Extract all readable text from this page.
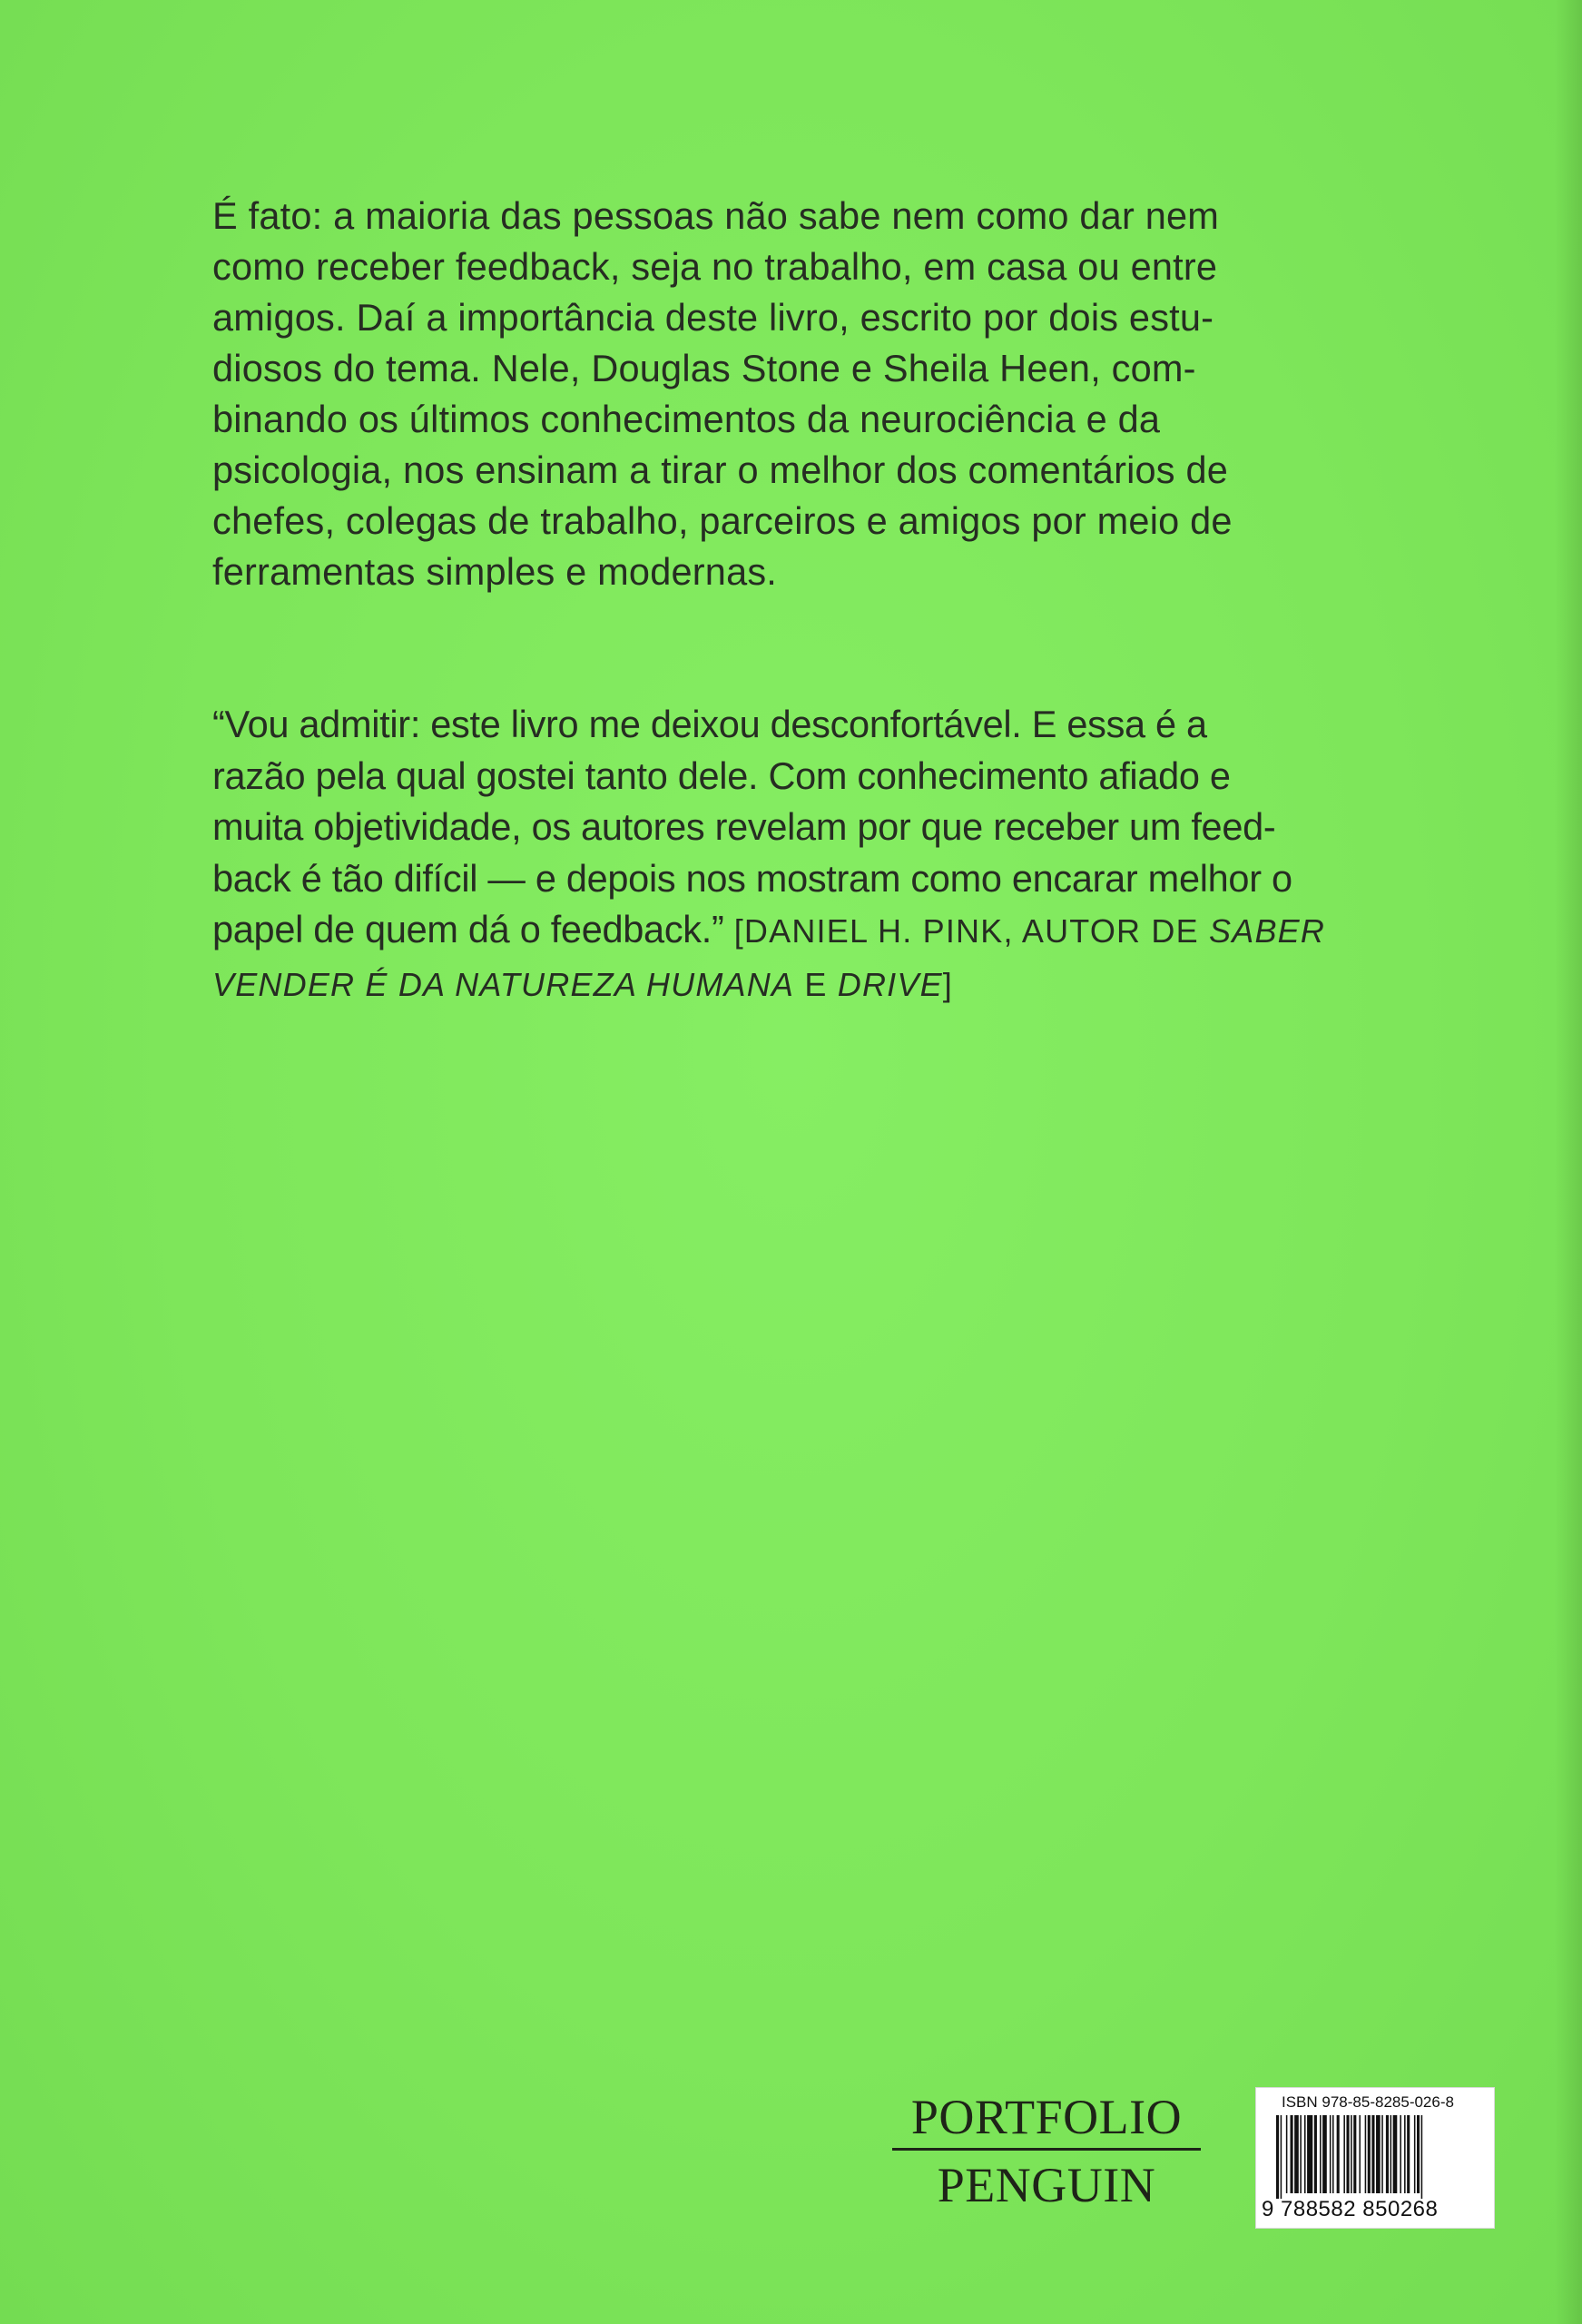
É fato: a maioria das pessoas não sabe nem como dar nem
como receber feedback, seja no trabalho, em casa ou entre
amigos. Daí a importância deste livro, escrito por dois estu-
diosos do tema. Nele, Douglas Stone e Sheila Heen, com-
binando os últimos conhecimentos da neurociência e da
psicologia, nos ensinam a tirar o melhor dos comentários de
chefes, colegas de trabalho, parceiros e amigos por meio de
ferramentas simples e modernas.

“Vou admitir: este livro me deixou desconfortável. E essa é a
razão pela qual gostei tanto dele. Com conhecimento afiado e
muita objetividade, os autores revelam por que receber um feed-
back é tão difícil — e depois nos mostram como encarar melhor o
papel de quem dá o feedback.” [DANIEL H. PINK, AUTOR DE SABER VENDER É DA NATUREZA HUMANA E DRIVE]

PORTFOLIO
PENGUIN
ISBN 978-85-8285-026-8
9 788582 850268
